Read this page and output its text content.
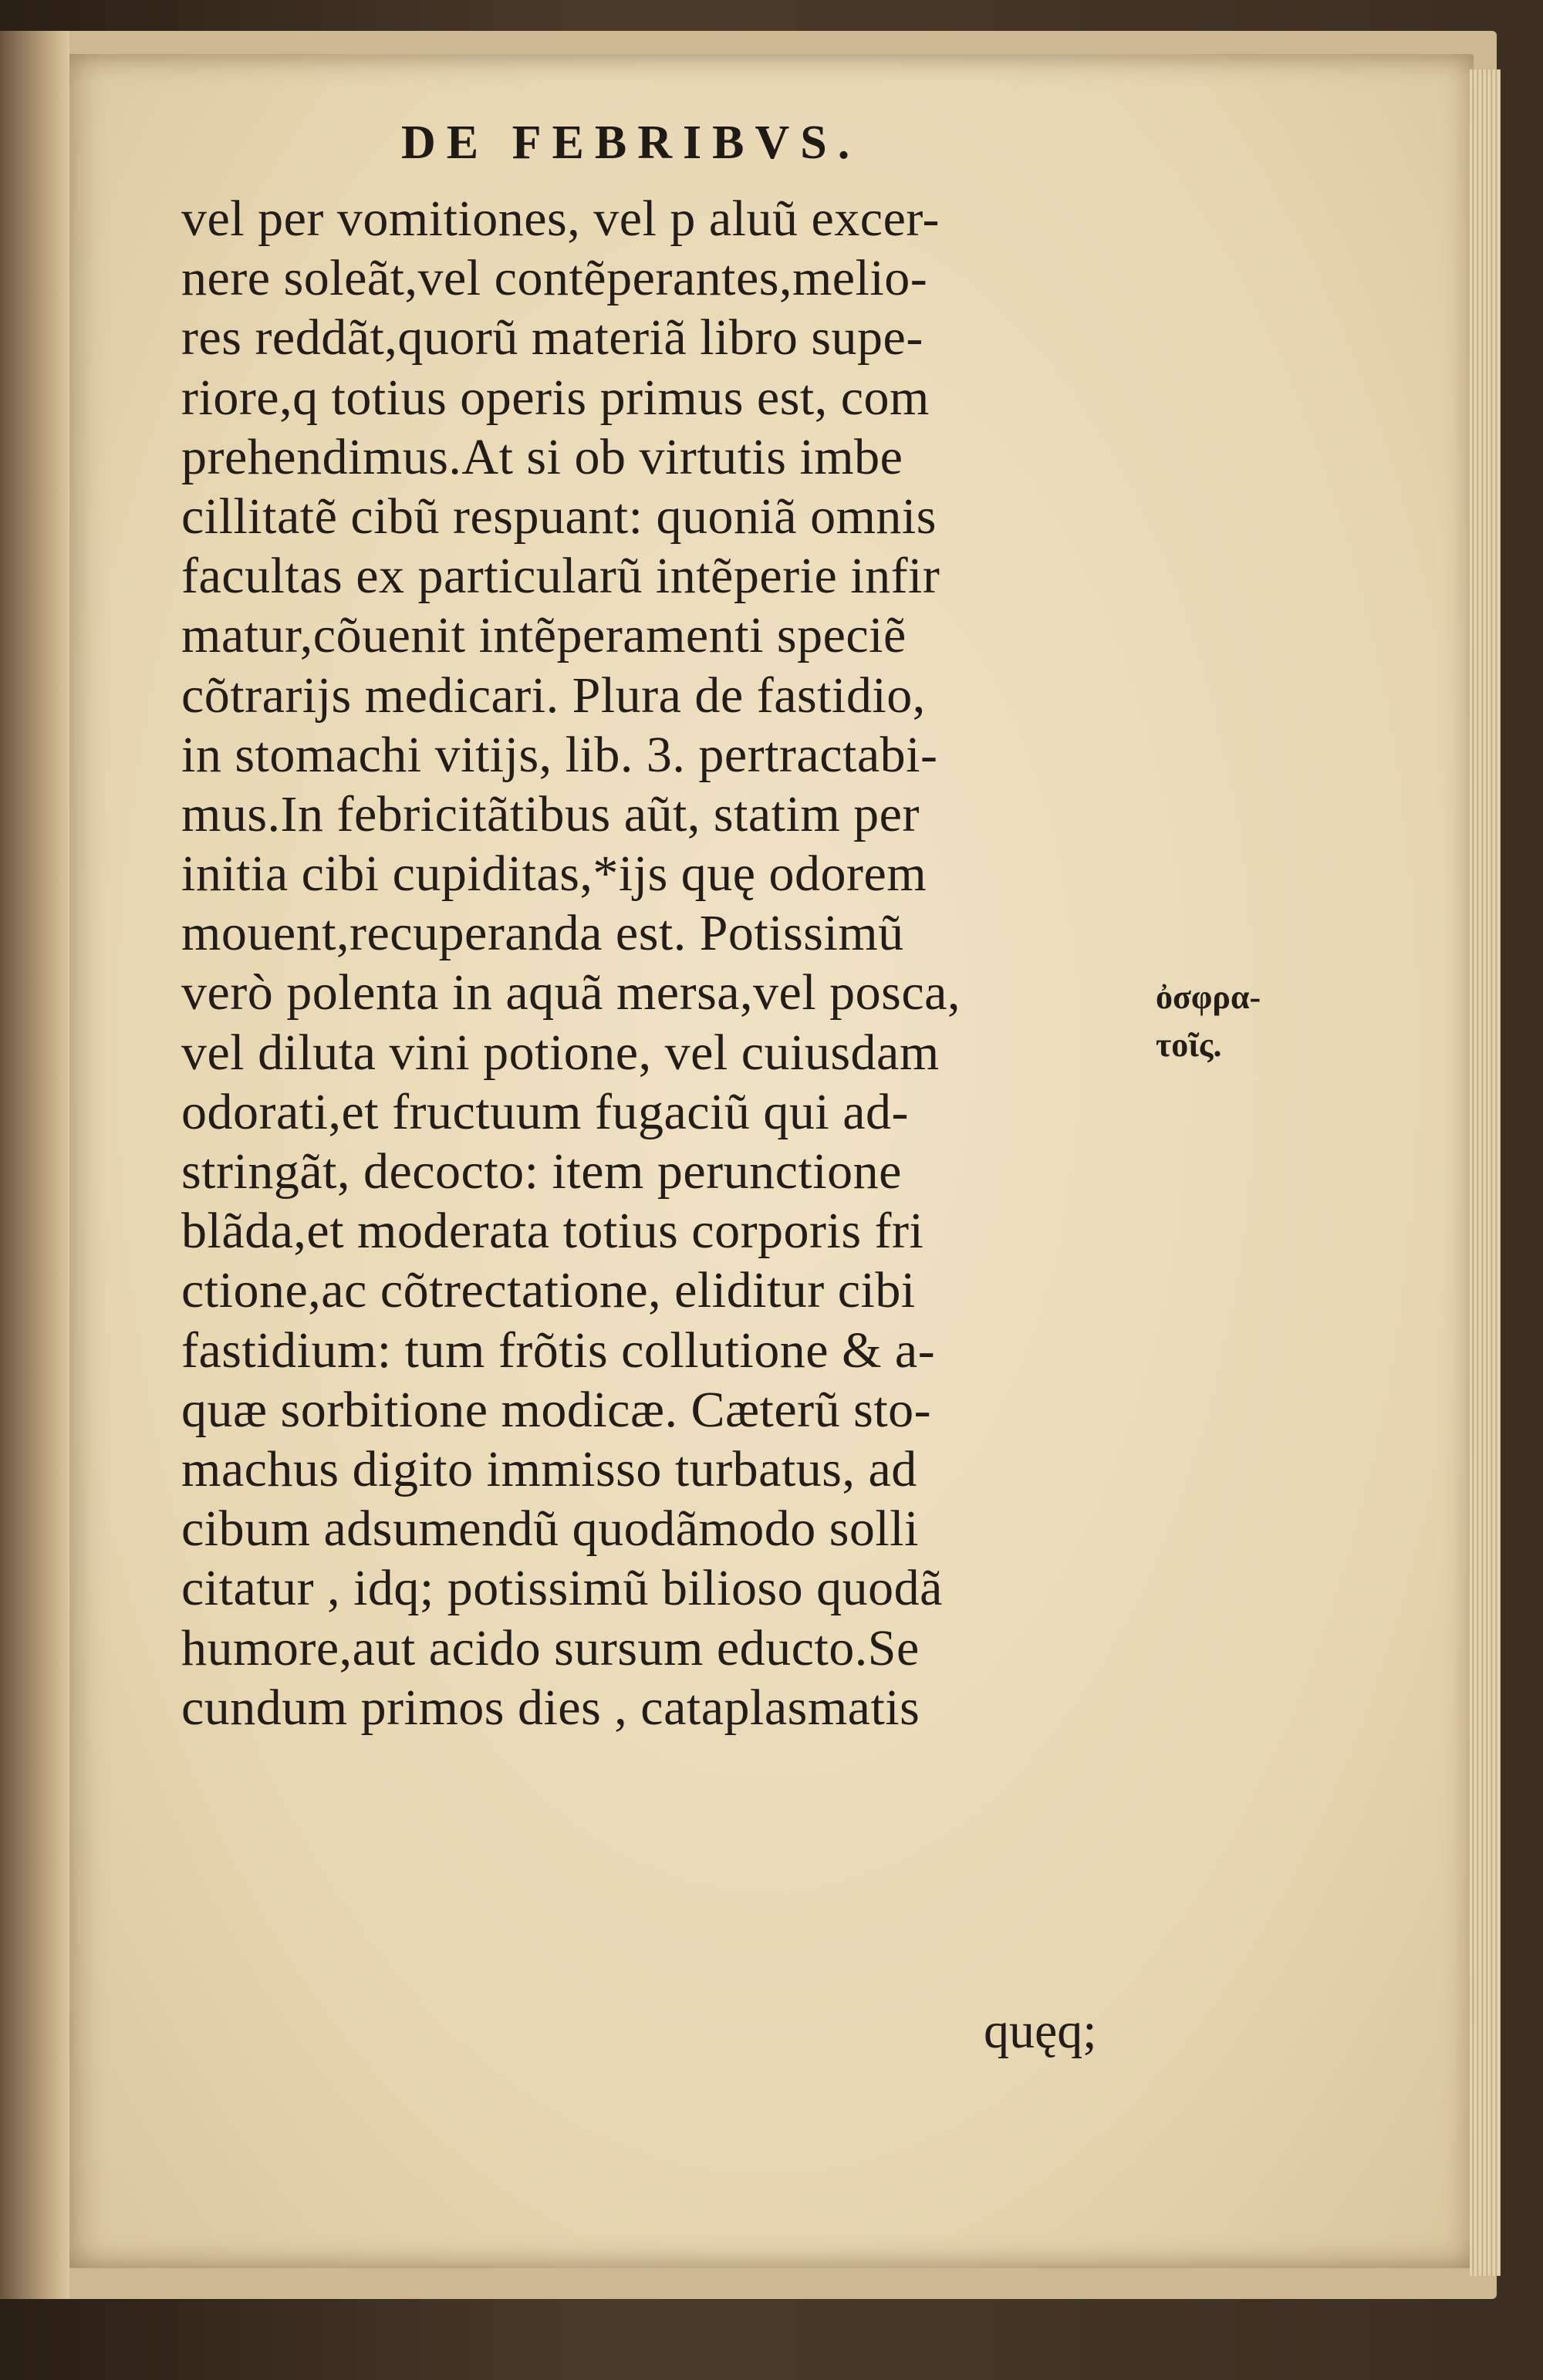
DE FEBRIBVS.
vel per vomitiones, vel p aluũ excer-
nere soleãt,vel contẽperantes,melio-
res reddãt,quorũ materiã libro supe-
riore,q totius operis primus est, com
prehendimus.At si ob virtutis imbe
cillitatẽ cibũ respuant: quoniã omnis
facultas ex particularũ intẽperie infir
matur,cõuenit intẽperamenti speciẽ
cõtrarijs medicari. Plura de fastidio,
in stomachi vitijs, lib. 3. pertractabi-
mus.In febricitãtibus aũt, statim per
initia cibi cupiditas,*ijs quę odorem
mouent,recuperanda est. Potissimũ
verò polenta in aquã mersa,vel posca,
vel diluta vini potione, vel cuiusdam
odorati,et fructuum fugaciũ qui ad-
stringãt, decocto: item perunctione
blãda,et moderata totius corporis fri
ctione,ac cõtrectatione, eliditur cibi
fastidium: tum frõtis collutione & a-
quæ sorbitione modicæ. Cæterũ sto-
machus digito immisso turbatus, ad
cibum adsumendũ quodãmodo solli
citatur , idq; potissimũ bilioso quodã
humore,aut acido sursum educto.Se
cundum primos dies , cataplasmatis
ὀσφρα-
τοῖς.
quęq;
